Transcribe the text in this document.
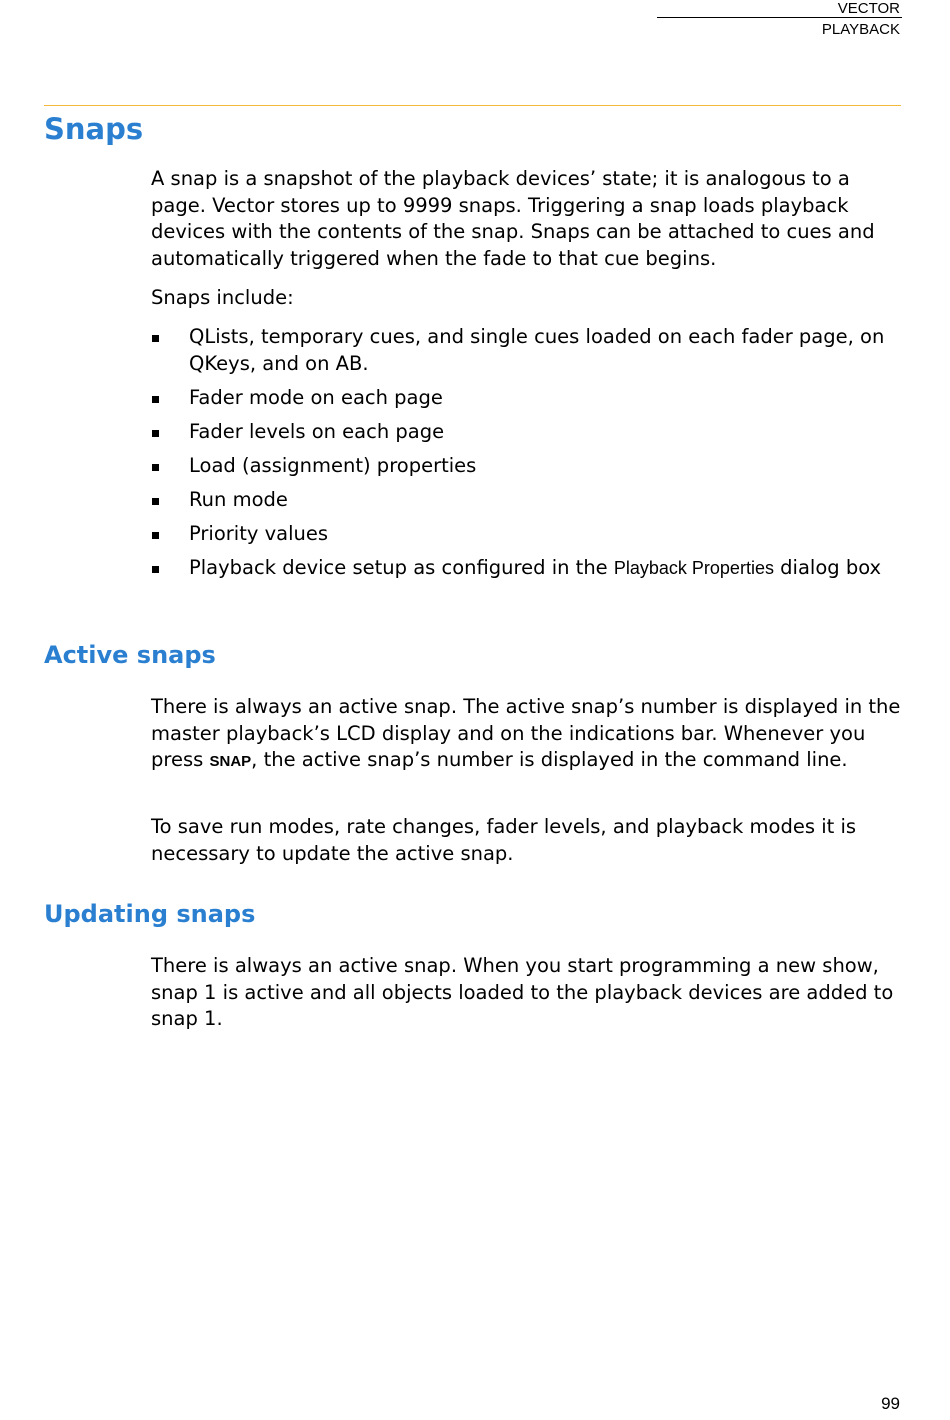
VECTOR
PLAYBACK
Snaps

A snap is a snapshot of the playback devices’ state; it is analogous to a page. Vector stores up to 9999 snaps. Triggering a snap loads playback devices with the contents of the snap. Snaps can be attached to cues and automatically triggered when the fade to that cue begins.

Snaps include:

QLists, temporary cues, and single cues loaded on each fader page, on QKeys, and on AB.
Fader mode on each page
Fader levels on each page
Load (assignment) properties
Run mode
Priority values
Playback device setup as configured in the Playback Properties dialog box
Active snaps

There is always an active snap. The active snap’s number is displayed in the master playback’s LCD display and on the indications bar. Whenever you press SNAP, the active snap’s number is displayed in the command line.

To save run modes, rate changes, fader levels, and playback modes it is necessary to update the active snap.

Updating snaps

There is always an active snap. When you start programming a new show, snap 1 is active and all objects loaded to the playback devices are added to snap 1.

99
